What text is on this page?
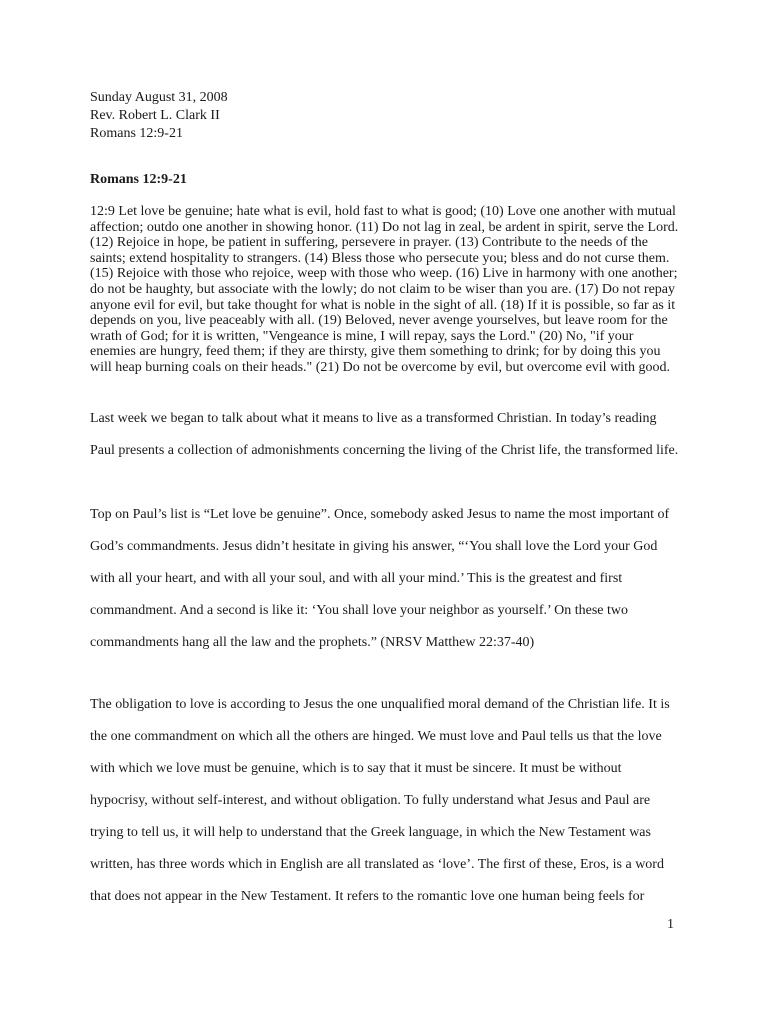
Sunday August 31, 2008
Rev. Robert L. Clark II
Romans 12:9-21
Romans 12:9-21
12:9 Let love be genuine; hate what is evil, hold fast to what is good; (10) Love one another with mutual
affection; outdo one another in showing honor. (11) Do not lag in zeal, be ardent in spirit, serve the Lord.
(12) Rejoice in hope, be patient in suffering, persevere in prayer. (13) Contribute to the needs of the
saints; extend hospitality to strangers. (14) Bless those who persecute you; bless and do not curse them.
(15) Rejoice with those who rejoice, weep with those who weep. (16) Live in harmony with one another;
do not be haughty, but associate with the lowly; do not claim to be wiser than you are. (17) Do not repay
anyone evil for evil, but take thought for what is noble in the sight of all. (18) If it is possible, so far as it
depends on you, live peaceably with all. (19) Beloved, never avenge yourselves, but leave room for the
wrath of God; for it is written, "Vengeance is mine, I will repay, says the Lord." (20) No, "if your
enemies are hungry, feed them; if they are thirsty, give them something to drink; for by doing this you
will heap burning coals on their heads." (21) Do not be overcome by evil, but overcome evil with good.
Last week we began to talk about what it means to live as a transformed Christian. In today’s reading
Paul presents a collection of admonishments concerning the living of the Christ life, the transformed life.
Top on Paul’s list is “Let love be genuine”. Once, somebody asked Jesus to name the most important of
God’s commandments. Jesus didn’t hesitate in giving his answer, “‘You shall love the Lord your God
with all your heart, and with all your soul, and with all your mind.’ This is the greatest and first
commandment. And a second is like it: ‘You shall love your neighbor as yourself.’ On these two
commandments hang all the law and the prophets.” (NRSV Matthew 22:37-40)
The obligation to love is according to Jesus the one unqualified moral demand of the Christian life. It is
the one commandment on which all the others are hinged. We must love and Paul tells us that the love
with which we love must be genuine, which is to say that it must be sincere. It must be without
hypocrisy, without self-interest, and without obligation. To fully understand what Jesus and Paul are
trying to tell us, it will help to understand that the Greek language, in which the New Testament was
written, has three words which in English are all translated as ‘love’. The first of these, Eros, is a word
that does not appear in the New Testament. It refers to the romantic love one human being feels for
1
